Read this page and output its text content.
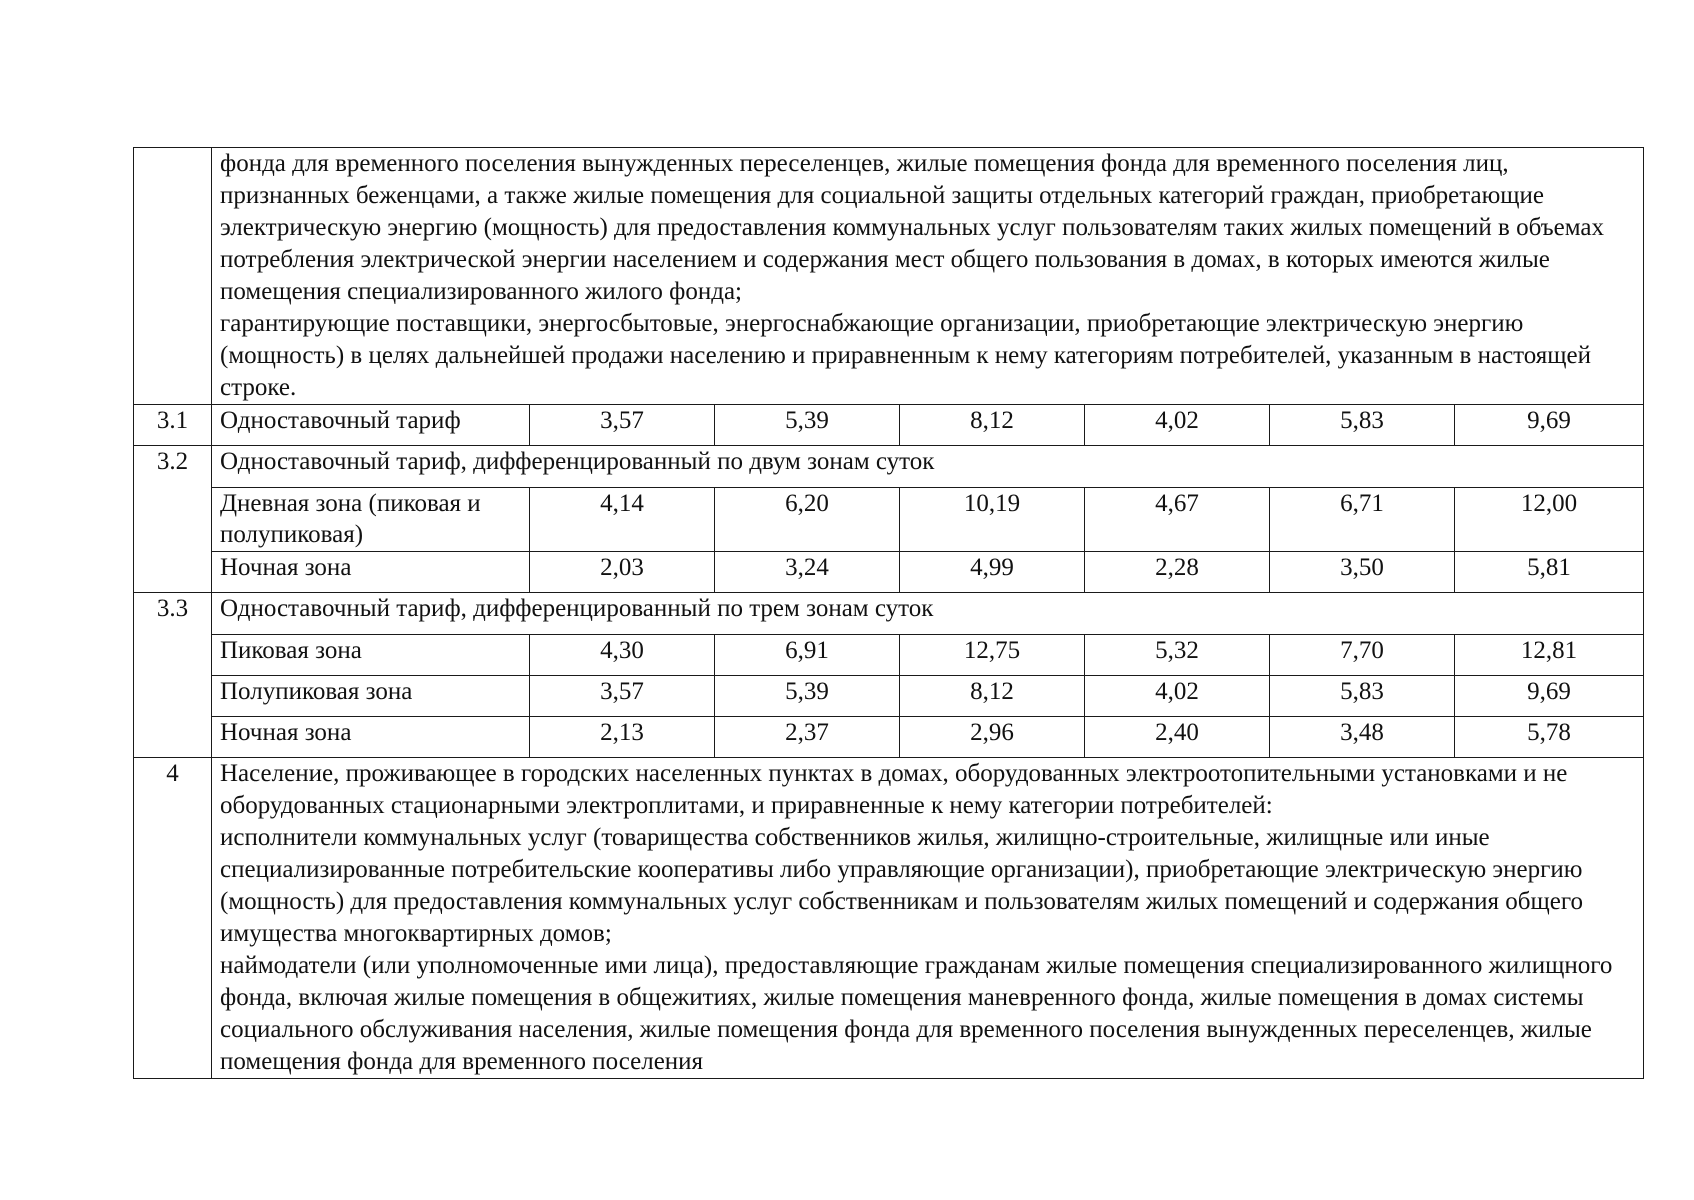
	фонда для временного поселения вынужденных переселенцев, жилые помещения фонда для временного поселения лиц, признанных беженцами, а также жилые помещения для социальной защиты отдельных категорий граждан, приобретающие электрическую энергию (мощность) для предоставления коммунальных услуг пользователям таких жилых помещений в объемах потребления электрической энергии населением и содержания мест общего пользования в домах, в которых имеются жилые помещения специализированного жилого фонда;
гарантирующие поставщики, энергосбытовые, энергоснабжающие организации, приобретающие электрическую энергию (мощность) в целях дальнейшей продажи населению и приравненным к нему категориям потребителей, указанным в настоящей строке.						

3.1	Одноставочный тариф	3,57	5,39	8,12	4,02	5,83	9,69
3.2	Одноставочный тариф, дифференцированный по двум зонам суток						
	Дневная зона (пиковая и полупиковая)	4,14	6,20	10,19	4,67	6,71	12,00
	Ночная зона	2,03	3,24	4,99	2,28	3,50	5,81
3.3	Одноставочный тариф, дифференцированный по трем зонам суток						
	Пиковая зона	4,30	6,91	12,75	5,32	7,70	12,81
	Полупиковая зона	3,57	5,39	8,12	4,02	5,83	9,69
	Ночная зона	2,13	2,37	2,96	2,40	3,48	5,78
4	Население, проживающее в городских населенных пунктах в домах, оборудованных электроотопительными установками и не оборудованных стационарными электроплитами, и приравненные к нему категории потребителей:
исполнители коммунальных услуг (товарищества собственников жилья, жилищно-строительные, жилищные или иные специализированные потребительские кооперативы либо управляющие организации), приобретающие электрическую энергию (мощность) для предоставления коммунальных услуг собственникам и пользователям жилых помещений и содержания общего имущества многоквартирных домов;
наймодатели (или уполномоченные ими лица), предоставляющие гражданам жилые помещения специализированного жилищного фонда, включая жилые помещения в общежитиях, жилые помещения маневренного фонда, жилые помещения в домах системы социального обслуживания населения, жилые помещения фонда для временного поселения вынужденных переселенцев, жилые помещения фонда для временного поселения						
